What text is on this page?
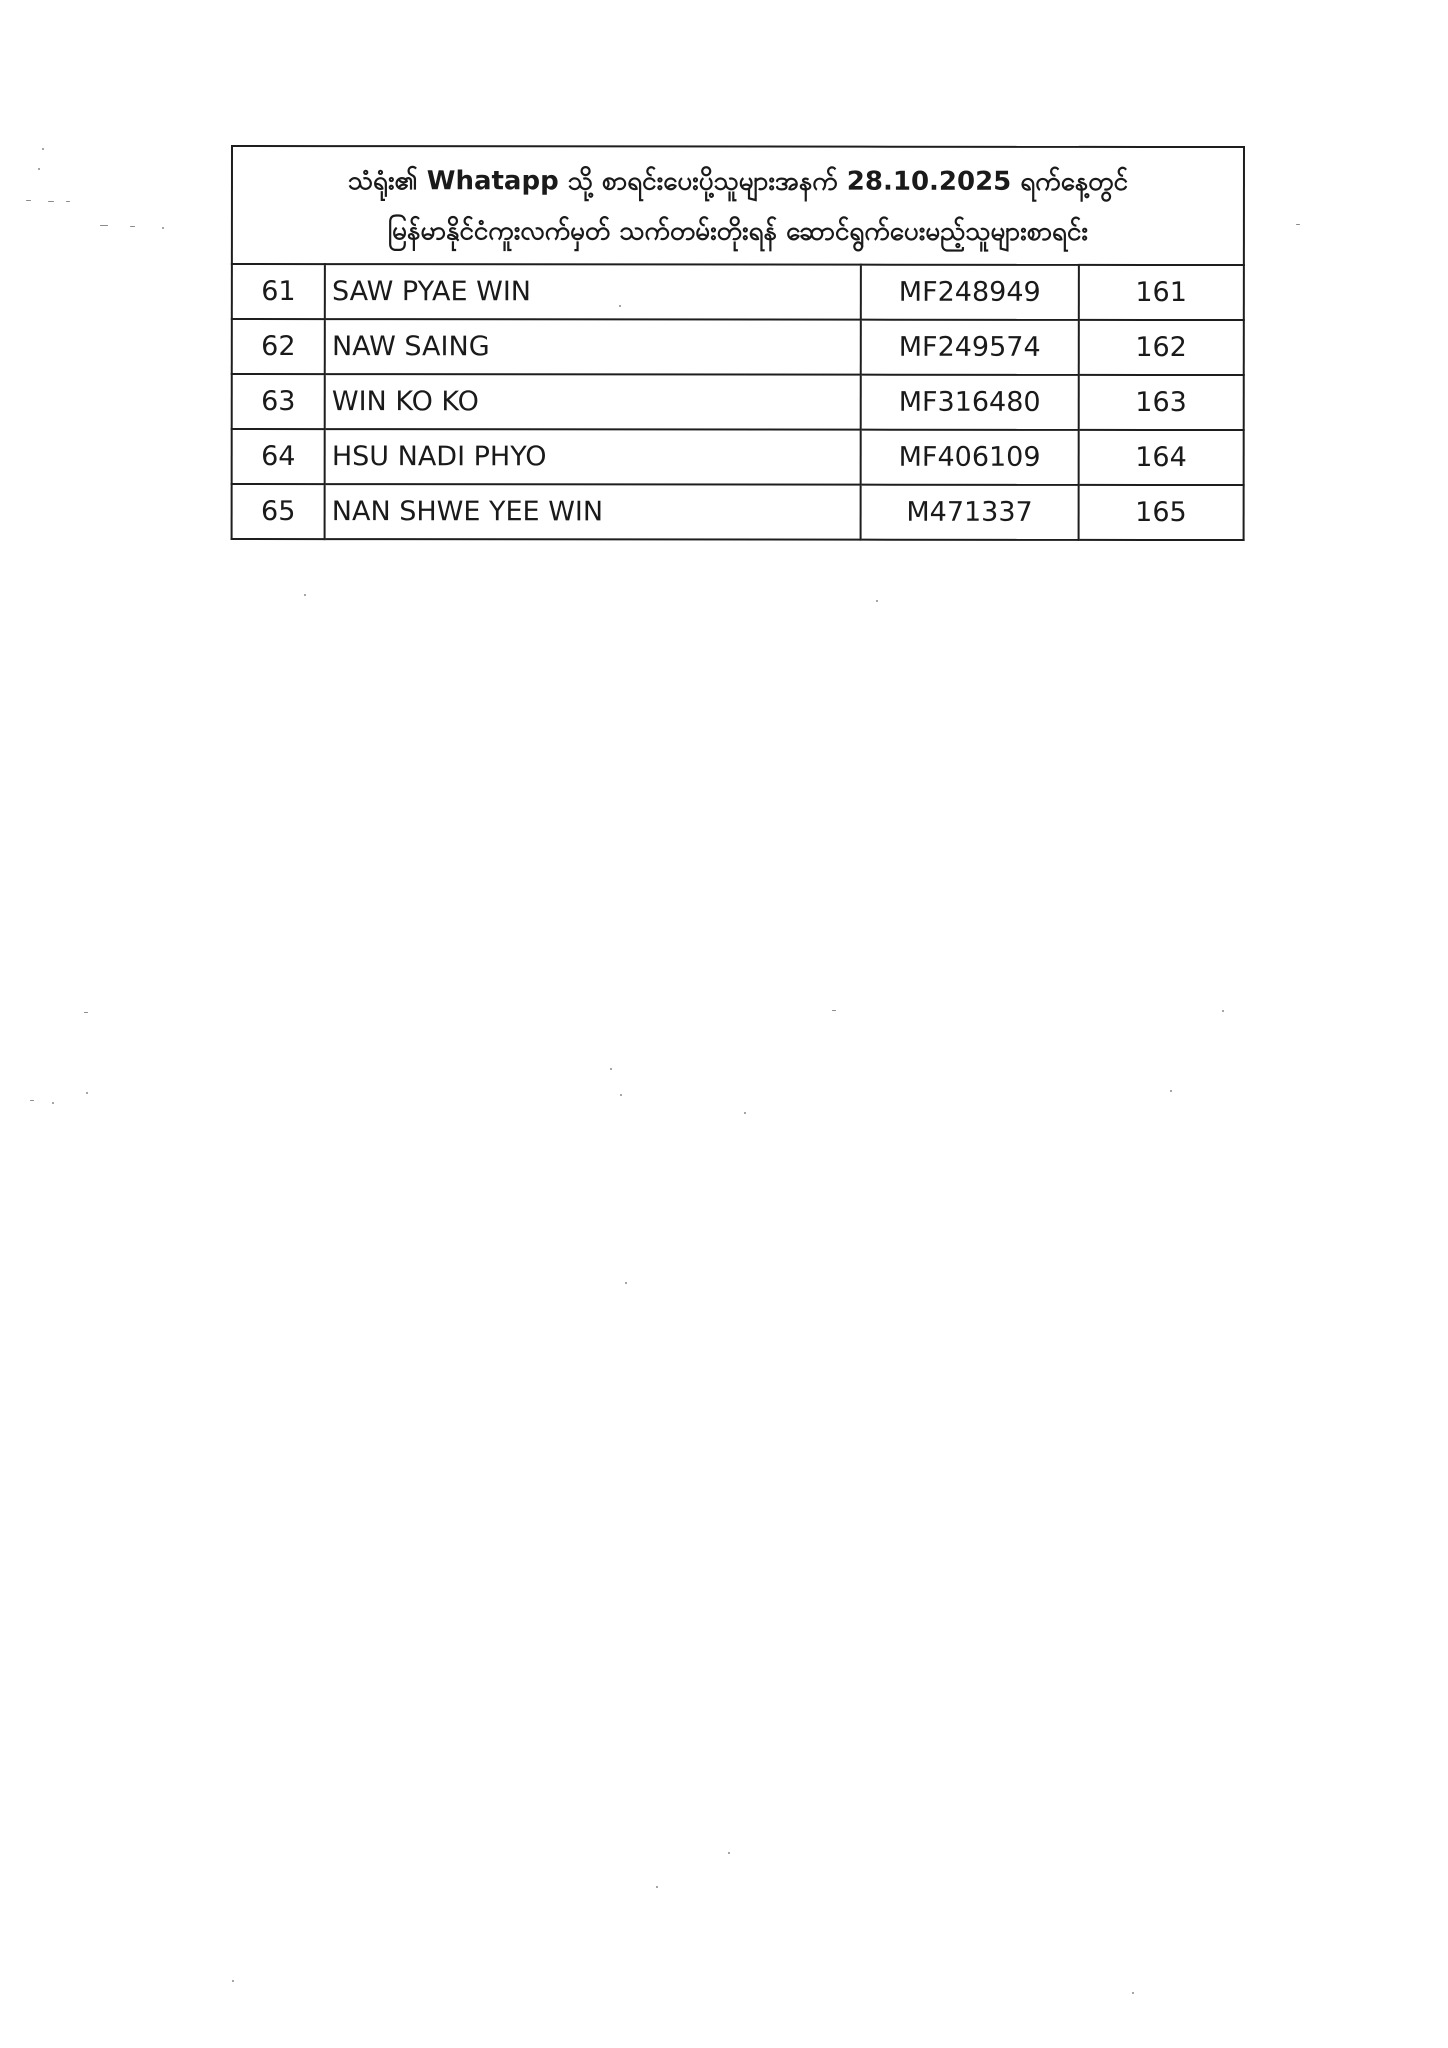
သံရုံး၏ Whatapp သို့ စာရင်းပေးပို့သူများအနက် 28.10.2025 ရက်နေ့တွင်
မြန်မာနိုင်ငံကူးလက်မှတ် သက်တမ်းတိုးရန် ဆောင်ရွက်ပေးမည့်သူများစာရင်း			

61	SAW PYAE WIN	MF248949	161
62	NAW SAING	MF249574	162
63	WIN KO KO	MF316480	163
64	HSU NADI PHYO	MF406109	164
65	NAN SHWE YEE WIN	M471337	165
